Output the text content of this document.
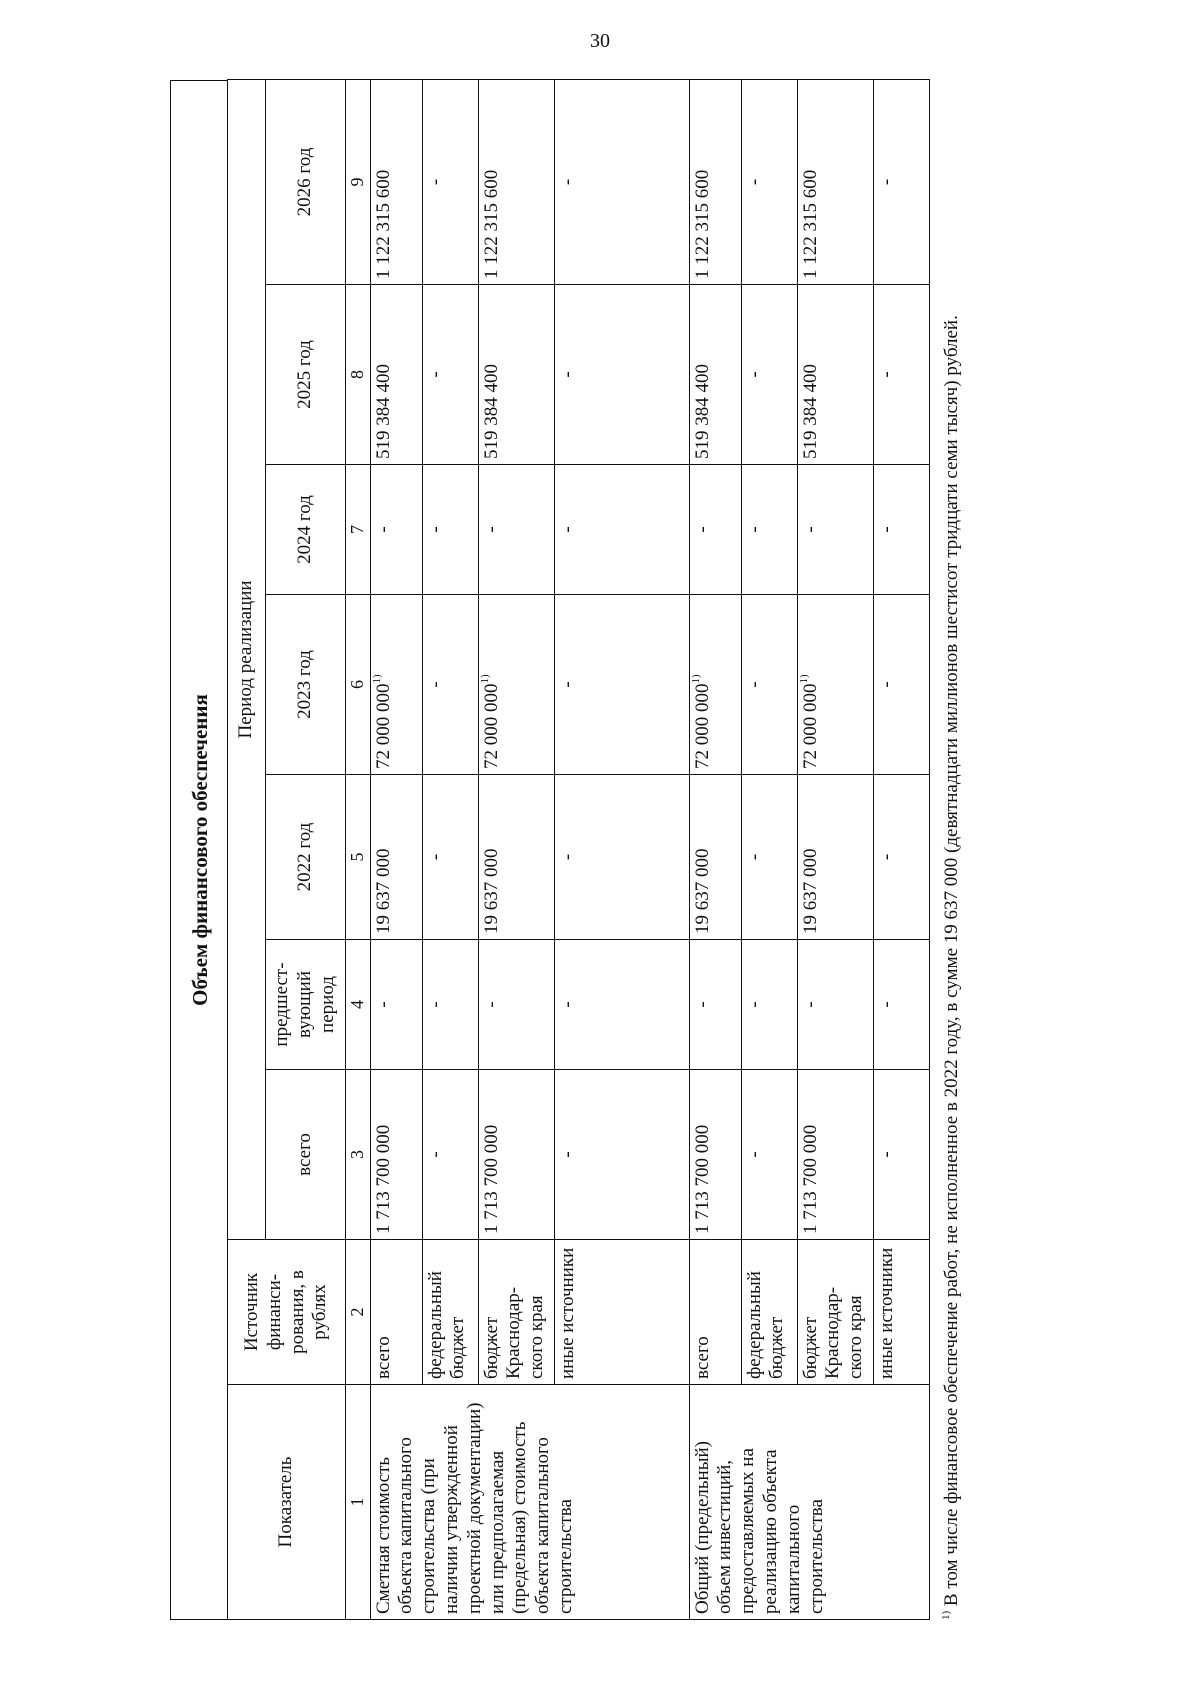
30
Объем финансового обеспечения
Показатель	Источник финанси-рования, в рублях	Период реализации						
		всего	предшест-вующий период	2022 год	2023 год	2024 год	2025 год	2026 год
1	2	3	4	5	6	7	8	9
Сметная стоимость объекта капитального строительства (при наличии утвержденной проектной документации) или предполагаемая (предельная) стоимость объекта капитального строительства	всего	1 713 700 000	-	19 637 000	72 000 000$^{1)}$	-	519 384 400	1 122 315 600
	федеральный бюджет	-	-	-	-	-	-	-
	бюджет Краснодар-ского края	1 713 700 000	-	19 637 000	72 000 000$^{1)}$	-	519 384 400	1 122 315 600
	иные источники	-	-	-	-	-	-	-
Общий (предельный) объем инвестиций, предоставляемых на реализацию объекта капитального строительства	всего	1 713 700 000	-	19 637 000	72 000 000$^{1)}$	-	519 384 400	1 122 315 600
	федеральный бюджет	-	-	-	-	-	-	-
	бюджет Краснодар-ского края	1 713 700 000	-	19 637 000	72 000 000$^{1)}$	-	519 384 400	1 122 315 600
	иные источники	-	-	-	-	-	-	-
$^{1)}$ В том числе финансовое обеспечение работ, не исполненное в 2022 году, в сумме 19 637 000 (девятнадцати миллионов шестисот тридцати семи тысяч) рублей.
